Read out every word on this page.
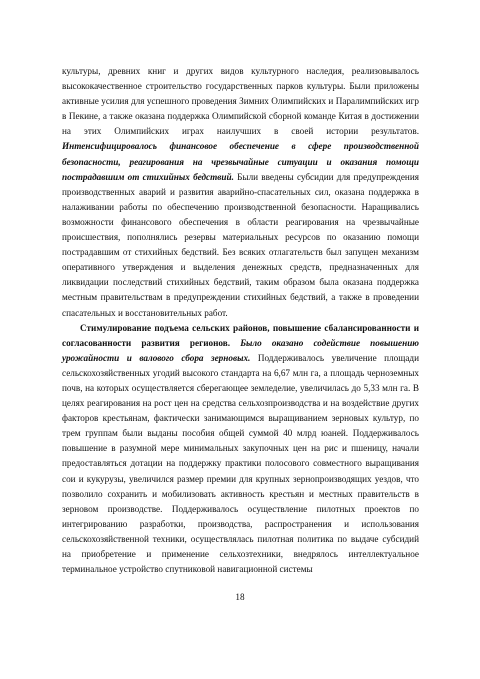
культуры, древних книг и других видов культурного наследия, реализовывалось высококачественное строительство государственных парков культуры. Были приложены активные усилия для успешного проведения Зимних Олимпийских и Паралимпийских игр в Пекине, а также оказана поддержка Олимпийской сборной команде Китая в достижении на этих Олимпийских играх наилучших в своей истории результатов. Интенсифицировалось финансовое обеспечение в сфере производственной безопасности, реагирования на чрезвычайные ситуации и оказания помощи пострадавшим от стихийных бедствий. Были введены субсидии для предупреждения производственных аварий и развития аварийно-спасательных сил, оказана поддержка в налаживании работы по обеспечению производственной безопасности. Наращивались возможности финансового обеспечения в области реагирования на чрезвычайные происшествия, пополнялись резервы материальных ресурсов по оказанию помощи пострадавшим от стихийных бедствий. Без всяких отлагательств был запущен механизм оперативного утверждения и выделения денежных средств, предназначенных для ликвидации последствий стихийных бедствий, таким образом была оказана поддержка местным правительствам в предупреждении стихийных бедствий, а также в проведении спасательных и восстановительных работ.

Стимулирование подъема сельских районов, повышение сбалансированности и согласованности развития регионов. Было оказано содействие повышению урожайности и валового сбора зерновых. Поддерживалось увеличение площади сельскохозяйственных угодий высокого стандарта на 6,67 млн га, а площадь черноземных почв, на которых осуществляется сберегающее земледелие, увеличилась до 5,33 млн га. В целях реагирования на рост цен на средства сельхозпроизводства и на воздействие других факторов крестьянам, фактически занимающимся выращиванием зерновых культур, по трем группам были выданы пособия общей суммой 40 млрд юаней. Поддерживалось повышение в разумной мере минимальных закупочных цен на рис и пшеницу, начали предоставляться дотации на поддержку практики полосового совместного выращивания сои и кукурузы, увеличился размер премии для крупных зернопроизводящих уездов, что позволило сохранить и мобилизовать активность крестьян и местных правительств в зерновом производстве. Поддерживалось осуществление пилотных проектов по интегрированию разработки, производства, распространения и использования сельскохозяйственной техники, осуществлялась пилотная политика по выдаче субсидий на приобретение и применение сельхозтехники, внедрялось интеллектуальное терминальное устройство спутниковой навигационной системы

18
